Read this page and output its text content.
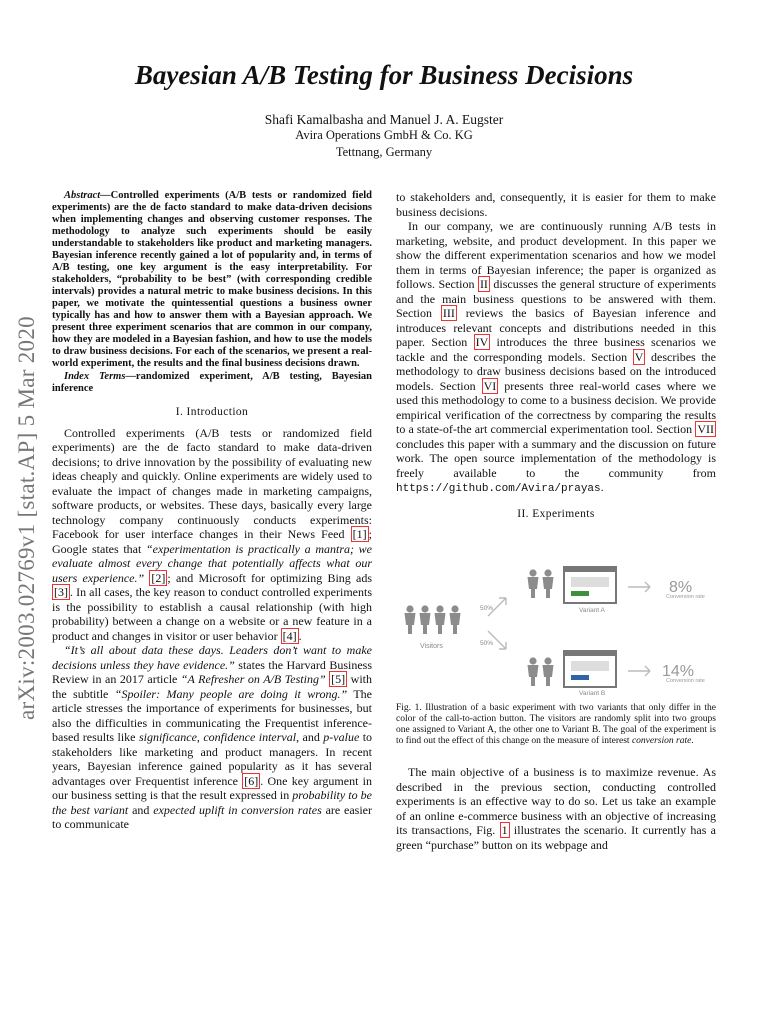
arXiv:2003.02769v1 [stat.AP] 5 Mar 2020
Bayesian A/B Testing for Business Decisions
Shafi Kamalbasha and Manuel J. A. Eugster
Avira Operations GmbH & Co. KG
Tettnang, Germany

Abstract—Controlled experiments (A/B tests or randomized field experiments) are the de facto standard to make data-driven decisions when implementing changes and observing customer responses. The methodology to analyze such experiments should be easily understandable to stakeholders like product and marketing managers. Bayesian inference recently gained a lot of popularity and, in terms of A/B testing, one key argument is the easy interpretability. For stakeholders, “probability to be best” (with corresponding credible intervals) provides a natural metric to make business decisions. In this paper, we motivate the quintessential questions a business owner typically has and how to answer them with a Bayesian approach. We present three experiment scenarios that are common in our company, how they are modeled in a Bayesian fashion, and how to use the models to draw business decisions. For each of the scenarios, we present a real-world experiment, the results and the final business decisions drawn.

Index Terms—randomized experiment, A/B testing, Bayesian inference

I. Introduction

Controlled experiments (A/B tests or randomized field experiments) are the de facto standard to make data-driven decisions; to drive innovation by the possibility of evaluating new ideas cheaply and quickly. Online experiments are widely used to evaluate the impact of changes made in marketing campaigns, software products, or websites. These days, basically every large technology company continuously conducts experiments: Facebook for user interface changes in their News Feed [1] ; Google states that “experimentation is practically a mantra; we evaluate almost every change that potentially affects what our users experience.” [2] ; and Microsoft for optimizing Bing ads [3] . In all cases, the key reason to conduct controlled experiments is the possibility to establish a causal relationship (with high probability) between a change on a website or a new feature in a product and changes in visitor or user behavior [4] .

“It’s all about data these days. Leaders don’t want to make decisions unless they have evidence.” states the Harvard Business Review in an 2017 article “A Refresher on A/B Testing” [5] with the subtitle “Spoiler: Many people are doing it wrong.” The article stresses the importance of experiments for businesses, but also the difficulties in communicating the Frequentist inference-based results like significance, confidence interval, and p-value to stakeholders like marketing and product managers. In recent years, Bayesian inference gained popularity as it has several advantages over Frequentist inference [6] . One key argument in our business setting is that the result expressed in probability to be the best variant and expected uplift in conversion rates are easier to communicate

to stakeholders and, consequently, it is easier for them to make business decisions.

In our company, we are continuously running A/B tests in marketing, website, and product development. In this paper we show the different experimentation scenarios and how we model them in terms of Bayesian inference; the paper is organized as follows. Section II discusses the general structure of experiments and the main business questions to be answered with them. Section III reviews the basics of Bayesian inference and introduces relevant concepts and distributions needed in this paper. Section IV introduces the three business scenarios we tackle and the corresponding models. Section V describes the methodology to draw business decisions based on the introduced models. Section VI presents three real-world cases where we used this methodology to come to a business decision. We provide empirical verification of the correctness by comparing the results to a state-of-the art commercial experimentation tool. Section VII concludes this paper with a summary and the discussion on future work. The open source implementation of the methodology is freely available to the community from https://github.com/Avira/prayas.

II. Experiments
Visitors
50%
50%
Variant A
8%
Conversion rate
Variant B
14%
Conversion rate

Fig. 1. Illustration of a basic experiment with two variants that only differ in the color of the call-to-action button. The visitors are randomly split into two groups one assigned to Variant A, the other one to Variant B. The goal of the experiment is to find out the effect of this change on the measure of interest conversion rate.

The main objective of a business is to maximize revenue. As described in the previous section, conducting controlled experiments is an effective way to do so. Let us take an example of an online e-commerce business with an objective of increasing its transactions, Fig. 1 illustrates the scenario. It currently has a green “purchase” button on its webpage and
